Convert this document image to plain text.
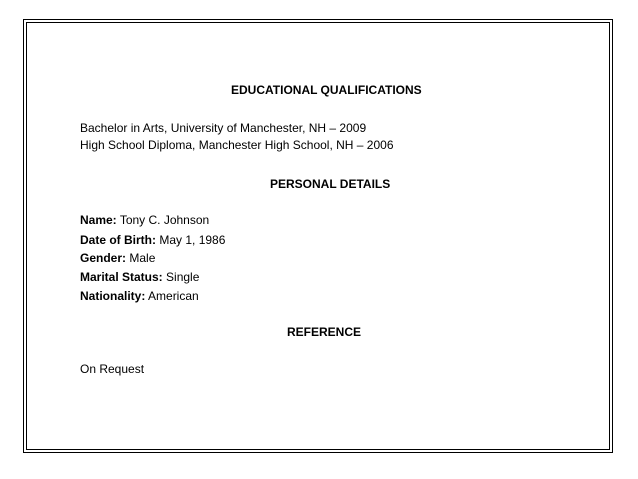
EDUCATIONAL QUALIFICATIONS
Bachelor in Arts, University of Manchester, NH – 2009
High School Diploma, Manchester High School, NH – 2006
PERSONAL DETAILS
Name: Tony C. Johnson
Date of Birth: May 1, 1986
Gender: Male
Marital Status: Single
Nationality: American
REFERENCE
On Request
